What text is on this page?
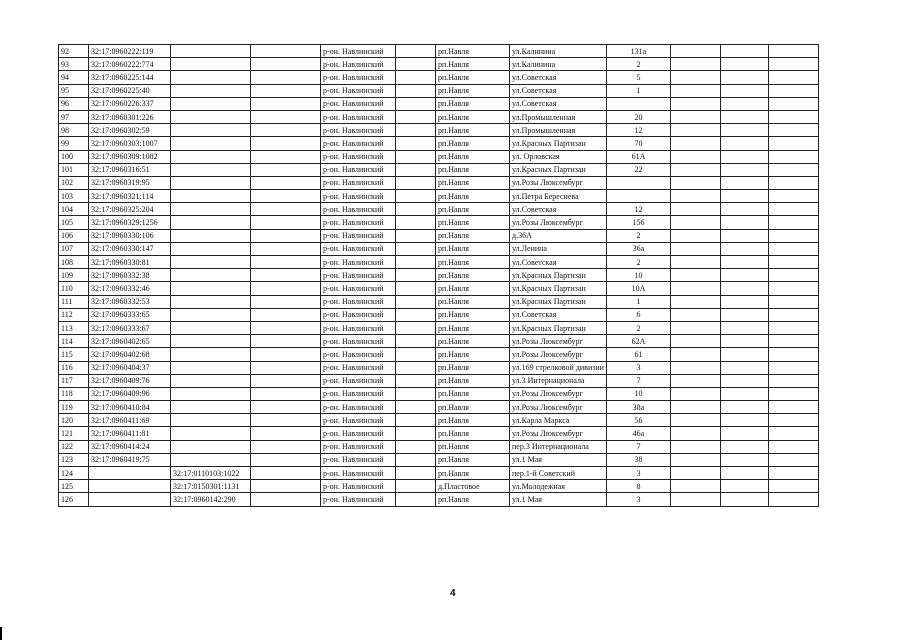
92	32:17:0960222:119			р-он. Навлинский		рп.Навля	ул.Калинина	131а			
93	32:17:0960222:774			р-он. Навлинский		рп.Навля	ул.Калинина	2			
94	32:17:0960225:144			р-он. Навлинский		рп.Навля	ул.Советская	5			
95	32:17:0960225:40			р-он. Навлинский		рп.Навля	ул.Советская	1			
96	32:17:0960226:337			р-он. Навлинский		рп.Навля	ул.Советская				
97	32:17:0960301:226			р-он. Навлинский		рп.Навля	ул.Промышленная	20			
98	32:17:0960302:59			р-он. Навлинский		рп.Навля	ул.Промышленная	12			
99	32:17:0960303:1007			р-он. Навлинский		рп.Навля	ул.Красных Партизан	70			
100	32:17:0960309:1082			р-он. Навлинский		рп.Навля	ул. Орловская	61А			
101	32:17:0960316:51			р-он. Навлинский		рп.Навля	ул.Красных Партизан	22			
102	32:17:0960319:95			р-он. Навлинский		рп.Навля	ул.Розы Люксембург				
103	32:17:0960321:114			р-он. Навлинский		рп.Навля	ул.Петра Бересиева				
104	32:17:0960325:204			р-он. Навлинский		рп.Навля	ул.Советская	12			
105	32:17:0960329:1256			р-он. Навлинский		рп.Навля	ул.Розы Люксембург	156			
106	32:17:0960330:106			р-он. Навлинский		рп.Навля	д.36А	2			
107	32:17:0960330:147			р-он. Навлинский		рп.Навля	ул.Ленина	36а			
108	32:17:0960330:81			р-он. Навлинский		рп.Навля	ул.Советская	2			
109	32:17:0960332:38			р-он. Навлинский		рп.Навля	ул.Красных Партизан	10			
110	32:17:0960332:46			р-он. Навлинский		рп.Навля	ул.Красных Партизан	10А			
111	32:17:0960332:53			р-он. Навлинский		рп.Навля	ул.Красных Партизан	1			
112	32:17:0960333:65			р-он. Навлинский		рп.Навля	ул.Советская	6			
113	32:17:0960333:67			р-он. Навлинский		рп.Навля	ул.Красных Партизан	2			
114	32:17:0960402:65			р-он. Навлинский		рп.Навля	ул.Розы Люксембург	62А			
115	32:17:0960402:68			р-он. Навлинский		рп.Навля	ул.Розы Люксембург	61			
116	32:17:0960404:37			р-он. Навлинский		рп.Навля	ул.169 стрелковой дивизии	3			
117	32:17:0960409:76			р-он. Навлинский		рп.Навля	ул.3 Интернационала	7			
118	32:17:0960409:96			р-он. Навлинский		рп.Навля	ул.Розы Люксембург	10			
119	32:17:0960410:84			р-он. Навлинский		рп.Навля	ул.Розы Люксембург	38а			
120	32:17:0960411:69			р-он. Навлинский		рп.Навля	ул.Карла Маркса	56			
121	32:17:0960411:81			р-он. Навлинский		рп.Навля	ул.Розы Люксембург	46а			
122	32:17:0960414:24			р-он. Навлинский		рп.Навля	пер.3 Интернационала	7			
123	32:17:0960419:75			р-он. Навлинский		рп.Навля	ул.1 Мая	38			
124		32:17:0110103:1022		р-он. Навлинский		рп.Навля	пер.1-й Советский	3			
125		32:17:0150301:1131		р-он. Навлинский		д.Пластовое	ул.Молодежная	8			
126		32:17:0960142:290		р-он. Навлинский		рп.Навля	ул.1 Мая	3			
4
